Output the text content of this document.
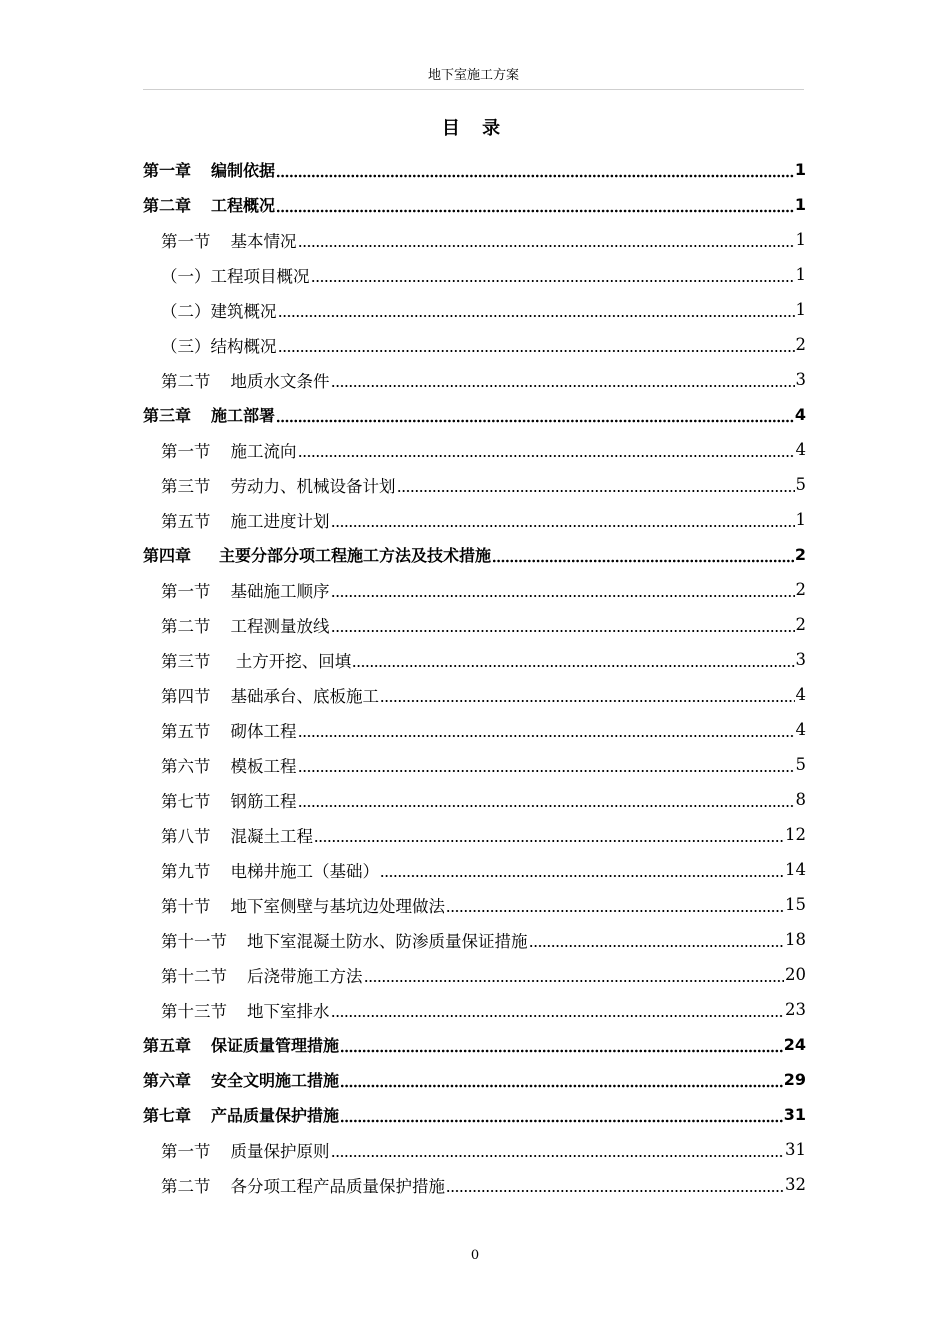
地下室施工方案
目 录
第一章 编制依据	1
第二章 工程概况	1
第一节 基本情况	1
（一）工程项目概况	1
（二）建筑概况	1
（三）结构概况	2
第二节 地质水文条件	3
第三章 施工部署	4
第一节 施工流向	4
第三节 劳动力、机械设备计划	5
第五节 施工进度计划	1
第四章 主要分部分项工程施工方法及技术措施	2
第一节 基础施工顺序	2
第二节 工程测量放线	2
第三节 土方开挖、回填	3
第四节 基础承台、底板施工	4
第五节 砌体工程	4
第六节 模板工程	5
第七节 钢筋工程	8
第八节 混凝土工程	12
第九节 电梯井施工（基础）	14
第十节 地下室侧壁与基坑边处理做法	15
第十一节 地下室混凝土防水、防渗质量保证措施	18
第十二节 后浇带施工方法	20
第十三节 地下室排水	23
第五章 保证质量管理措施	24
第六章 安全文明施工措施	29
第七章 产品质量保护措施	31
第一节 质量保护原则	31
第二节 各分项工程产品质量保护措施	32
0
